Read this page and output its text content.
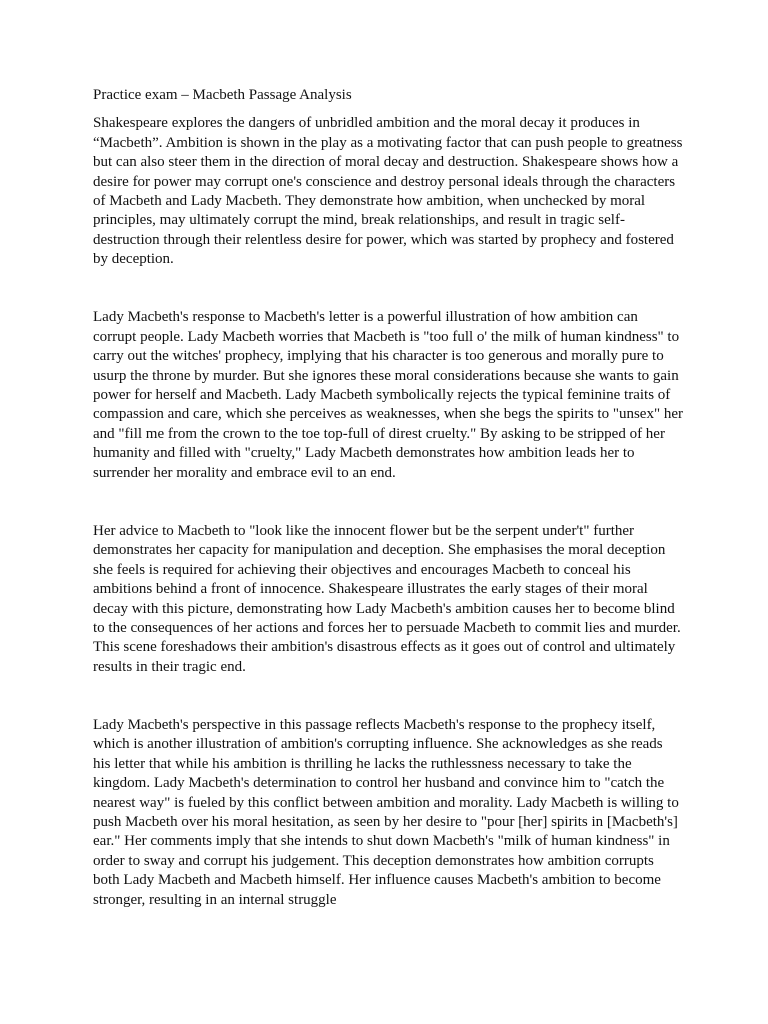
Practice exam – Macbeth Passage Analysis

Shakespeare explores the dangers of unbridled ambition and the moral decay it produces in “Macbeth”. Ambition is shown in the play as a motivating factor that can push people to greatness but can also steer them in the direction of moral decay and destruction. Shakespeare shows how a desire for power may corrupt one's conscience and destroy personal ideals through the characters of Macbeth and Lady Macbeth. They demonstrate how ambition, when unchecked by moral principles, may ultimately corrupt the mind, break relationships, and result in tragic self-destruction through their relentless desire for power, which was started by prophecy and fostered by deception.

Lady Macbeth's response to Macbeth's letter is a powerful illustration of how ambition can corrupt people. Lady Macbeth worries that Macbeth is "too full o' the milk of human kindness" to carry out the witches' prophecy, implying that his character is too generous and morally pure to usurp the throne by murder. But she ignores these moral considerations because she wants to gain power for herself and Macbeth. Lady Macbeth symbolically rejects the typical feminine traits of compassion and care, which she perceives as weaknesses, when she begs the spirits to "unsex" her and "fill me from the crown to the toe top-full of direst cruelty." By asking to be stripped of her humanity and filled with "cruelty," Lady Macbeth demonstrates how ambition leads her to surrender her morality and embrace evil to an end.

Her advice to Macbeth to "look like the innocent flower but be the serpent under't" further demonstrates her capacity for manipulation and deception. She emphasises the moral deception she feels is required for achieving their objectives and encourages Macbeth to conceal his ambitions behind a front of innocence. Shakespeare illustrates the early stages of their moral decay with this picture, demonstrating how Lady Macbeth's ambition causes her to become blind to the consequences of her actions and forces her to persuade Macbeth to commit lies and murder. This scene foreshadows their ambition's disastrous effects as it goes out of control and ultimately results in their tragic end.

Lady Macbeth's perspective in this passage reflects Macbeth's response to the prophecy itself, which is another illustration of ambition's corrupting influence. She acknowledges as she reads his letter that while his ambition is thrilling he lacks the ruthlessness necessary to take the kingdom. Lady Macbeth's determination to control her husband and convince him to "catch the nearest way" is fueled by this conflict between ambition and morality. Lady Macbeth is willing to push Macbeth over his moral hesitation, as seen by her desire to "pour [her] spirits in [Macbeth's] ear." Her comments imply that she intends to shut down Macbeth's "milk of human kindness" in order to sway and corrupt his judgement. This deception demonstrates how ambition corrupts both Lady Macbeth and Macbeth himself. Her influence causes Macbeth's ambition to become stronger, resulting in an internal struggle
